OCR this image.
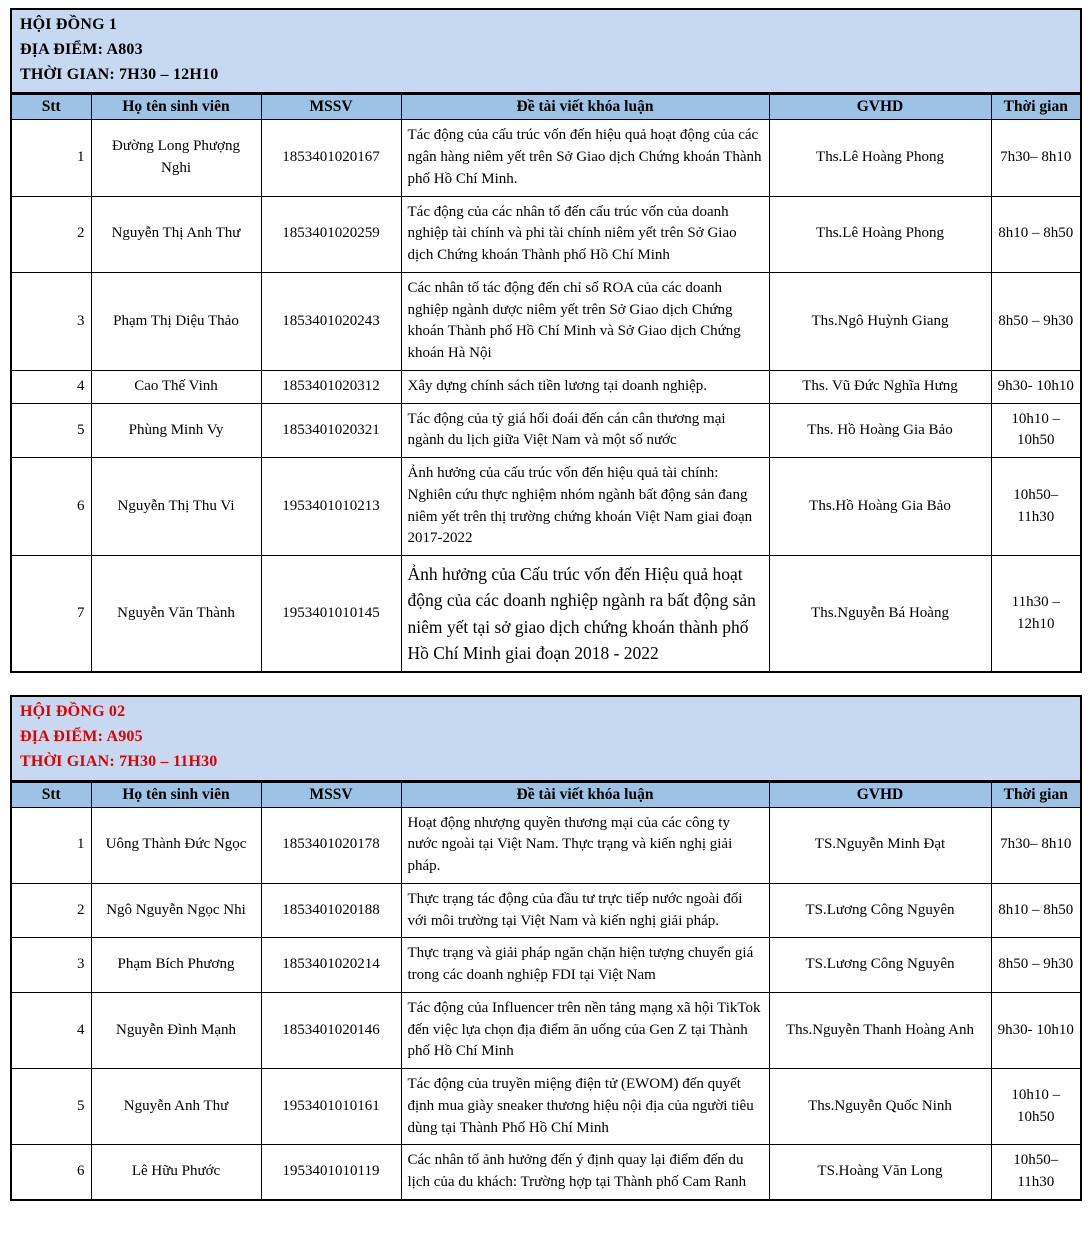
HỘI ĐỒNG 1
ĐỊA ĐIỂM: A803
THỜI GIAN: 7H30 – 12H10
Stt	Họ tên sinh viên	MSSV	Đề tài viết khóa luận	GVHD	Thời gian
1	Đường Long Phượng Nghi	1853401020167	Tác động của cấu trúc vốn đến hiệu quả hoạt động của các ngân hàng niêm yết trên Sở Giao dịch Chứng khoán Thành phố Hồ Chí Minh.	Ths.Lê Hoàng Phong	7h30– 8h10
2	Nguyễn Thị Anh Thư	1853401020259	Tác động của các nhân tố đến cấu trúc vốn của doanh nghiệp tài chính và phi tài chính niêm yết trên Sở Giao dịch Chứng khoán Thành phố Hồ Chí Minh	Ths.Lê Hoàng Phong	8h10 – 8h50
3	Phạm Thị Diệu Thảo	1853401020243	Các nhân tố tác động đến chỉ số ROA của các doanh nghiệp ngành dược niêm yết trên Sở Giao dịch Chứng khoán Thành phố Hồ Chí Minh và Sở Giao dịch Chứng khoán Hà Nội	Ths.Ngô Huỳnh Giang	8h50 – 9h30
4	Cao Thế Vinh	1853401020312	Xây dựng chính sách tiền lương tại doanh nghiệp.	Ths. Vũ Đức Nghĩa Hưng	9h30- 10h10
5	Phùng Minh Vy	1853401020321	Tác động của tỷ giá hối đoái đến cán cân thương mại ngành du lịch giữa Việt Nam và một số nước	Ths. Hồ Hoàng Gia Bảo	10h10 – 10h50
6	Nguyễn Thị Thu Vi	1953401010213	Ảnh hưởng của cấu trúc vốn đến hiệu quả tài chính: Nghiên cứu thực nghiệm nhóm ngành bất động sản đang niêm yết trên thị trường chứng khoán Việt Nam giai đoạn 2017-2022	Ths.Hồ Hoàng Gia Bảo	10h50– 11h30
7	Nguyễn Văn Thành	1953401010145	Ảnh hưởng của Cấu trúc vốn đến Hiệu quả hoạt động của các doanh nghiệp ngành ra bất động sản niêm yết tại sở giao dịch chứng khoán thành phố Hồ Chí Minh giai đoạn 2018 - 2022	Ths.Nguyễn Bá Hoàng	11h30 – 12h10
HỘI ĐỒNG 02
ĐỊA ĐIỂM: A905
THỜI GIAN: 7H30 – 11H30
Stt	Họ tên sinh viên	MSSV	Đề tài viết khóa luận	GVHD	Thời gian
1	Uông Thành Đức Ngọc	1853401020178	Hoạt động nhượng quyền thương mại của các công ty nước ngoài tại Việt Nam. Thực trạng và kiến nghị giải pháp.	TS.Nguyễn Minh Đạt	7h30– 8h10
2	Ngô Nguyễn Ngọc Nhi	1853401020188	Thực trạng tác động của đầu tư trực tiếp nước ngoài đối với môi trường tại Việt Nam và kiến nghị giải pháp.	TS.Lương Công Nguyên	8h10 – 8h50
3	Phạm Bích Phương	1853401020214	Thực trạng và giải pháp ngăn chặn hiện tượng chuyển giá trong các doanh nghiệp FDI tại Việt Nam	TS.Lương Công Nguyên	8h50 – 9h30
4	Nguyễn Đình Mạnh	1853401020146	Tác động của Influencer trên nền tảng mạng xã hội TikTok đến việc lựa chọn địa điểm ăn uống của Gen Z tại Thành phố Hồ Chí Minh	Ths.Nguyễn Thanh Hoàng Anh	9h30- 10h10
5	Nguyễn Anh Thư	1953401010161	Tác động của truyền miệng điện tử (EWOM) đến quyết định mua giày sneaker thương hiệu nội địa của người tiêu dùng tại Thành Phố Hồ Chí Minh	Ths.Nguyễn Quốc Ninh	10h10 – 10h50
6	Lê Hữu Phước	1953401010119	Các nhân tố ảnh hưởng đến ý định quay lại điểm đến du lịch của du khách: Trường hợp tại Thành phố Cam Ranh	TS.Hoàng Văn Long	10h50– 11h30
